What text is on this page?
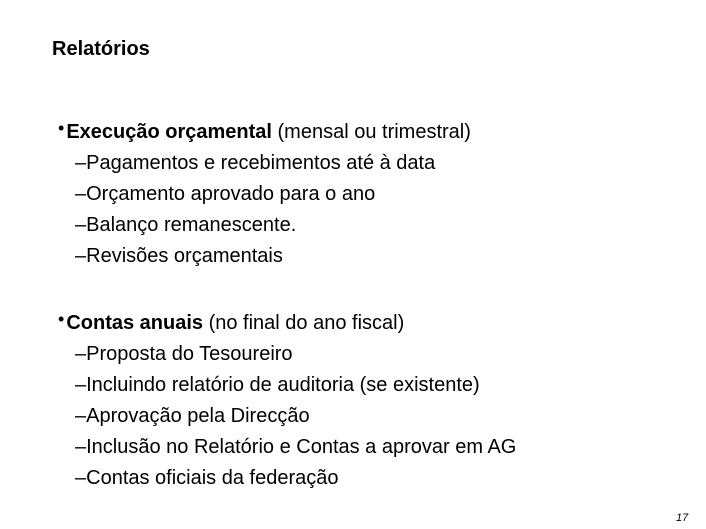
Relatórios
• Execução orçamental (mensal ou trimestral)
–Pagamentos e recebimentos até à data
–Orçamento aprovado para o ano
–Balanço remanescente.
–Revisões orçamentais
• Contas anuais (no final do ano fiscal)
–Proposta do Tesoureiro
–Incluindo relatório de auditoria (se existente)
–Aprovação pela Direcção
–Inclusão no Relatório e Contas a aprovar em AG
–Contas oficiais da federação
17
